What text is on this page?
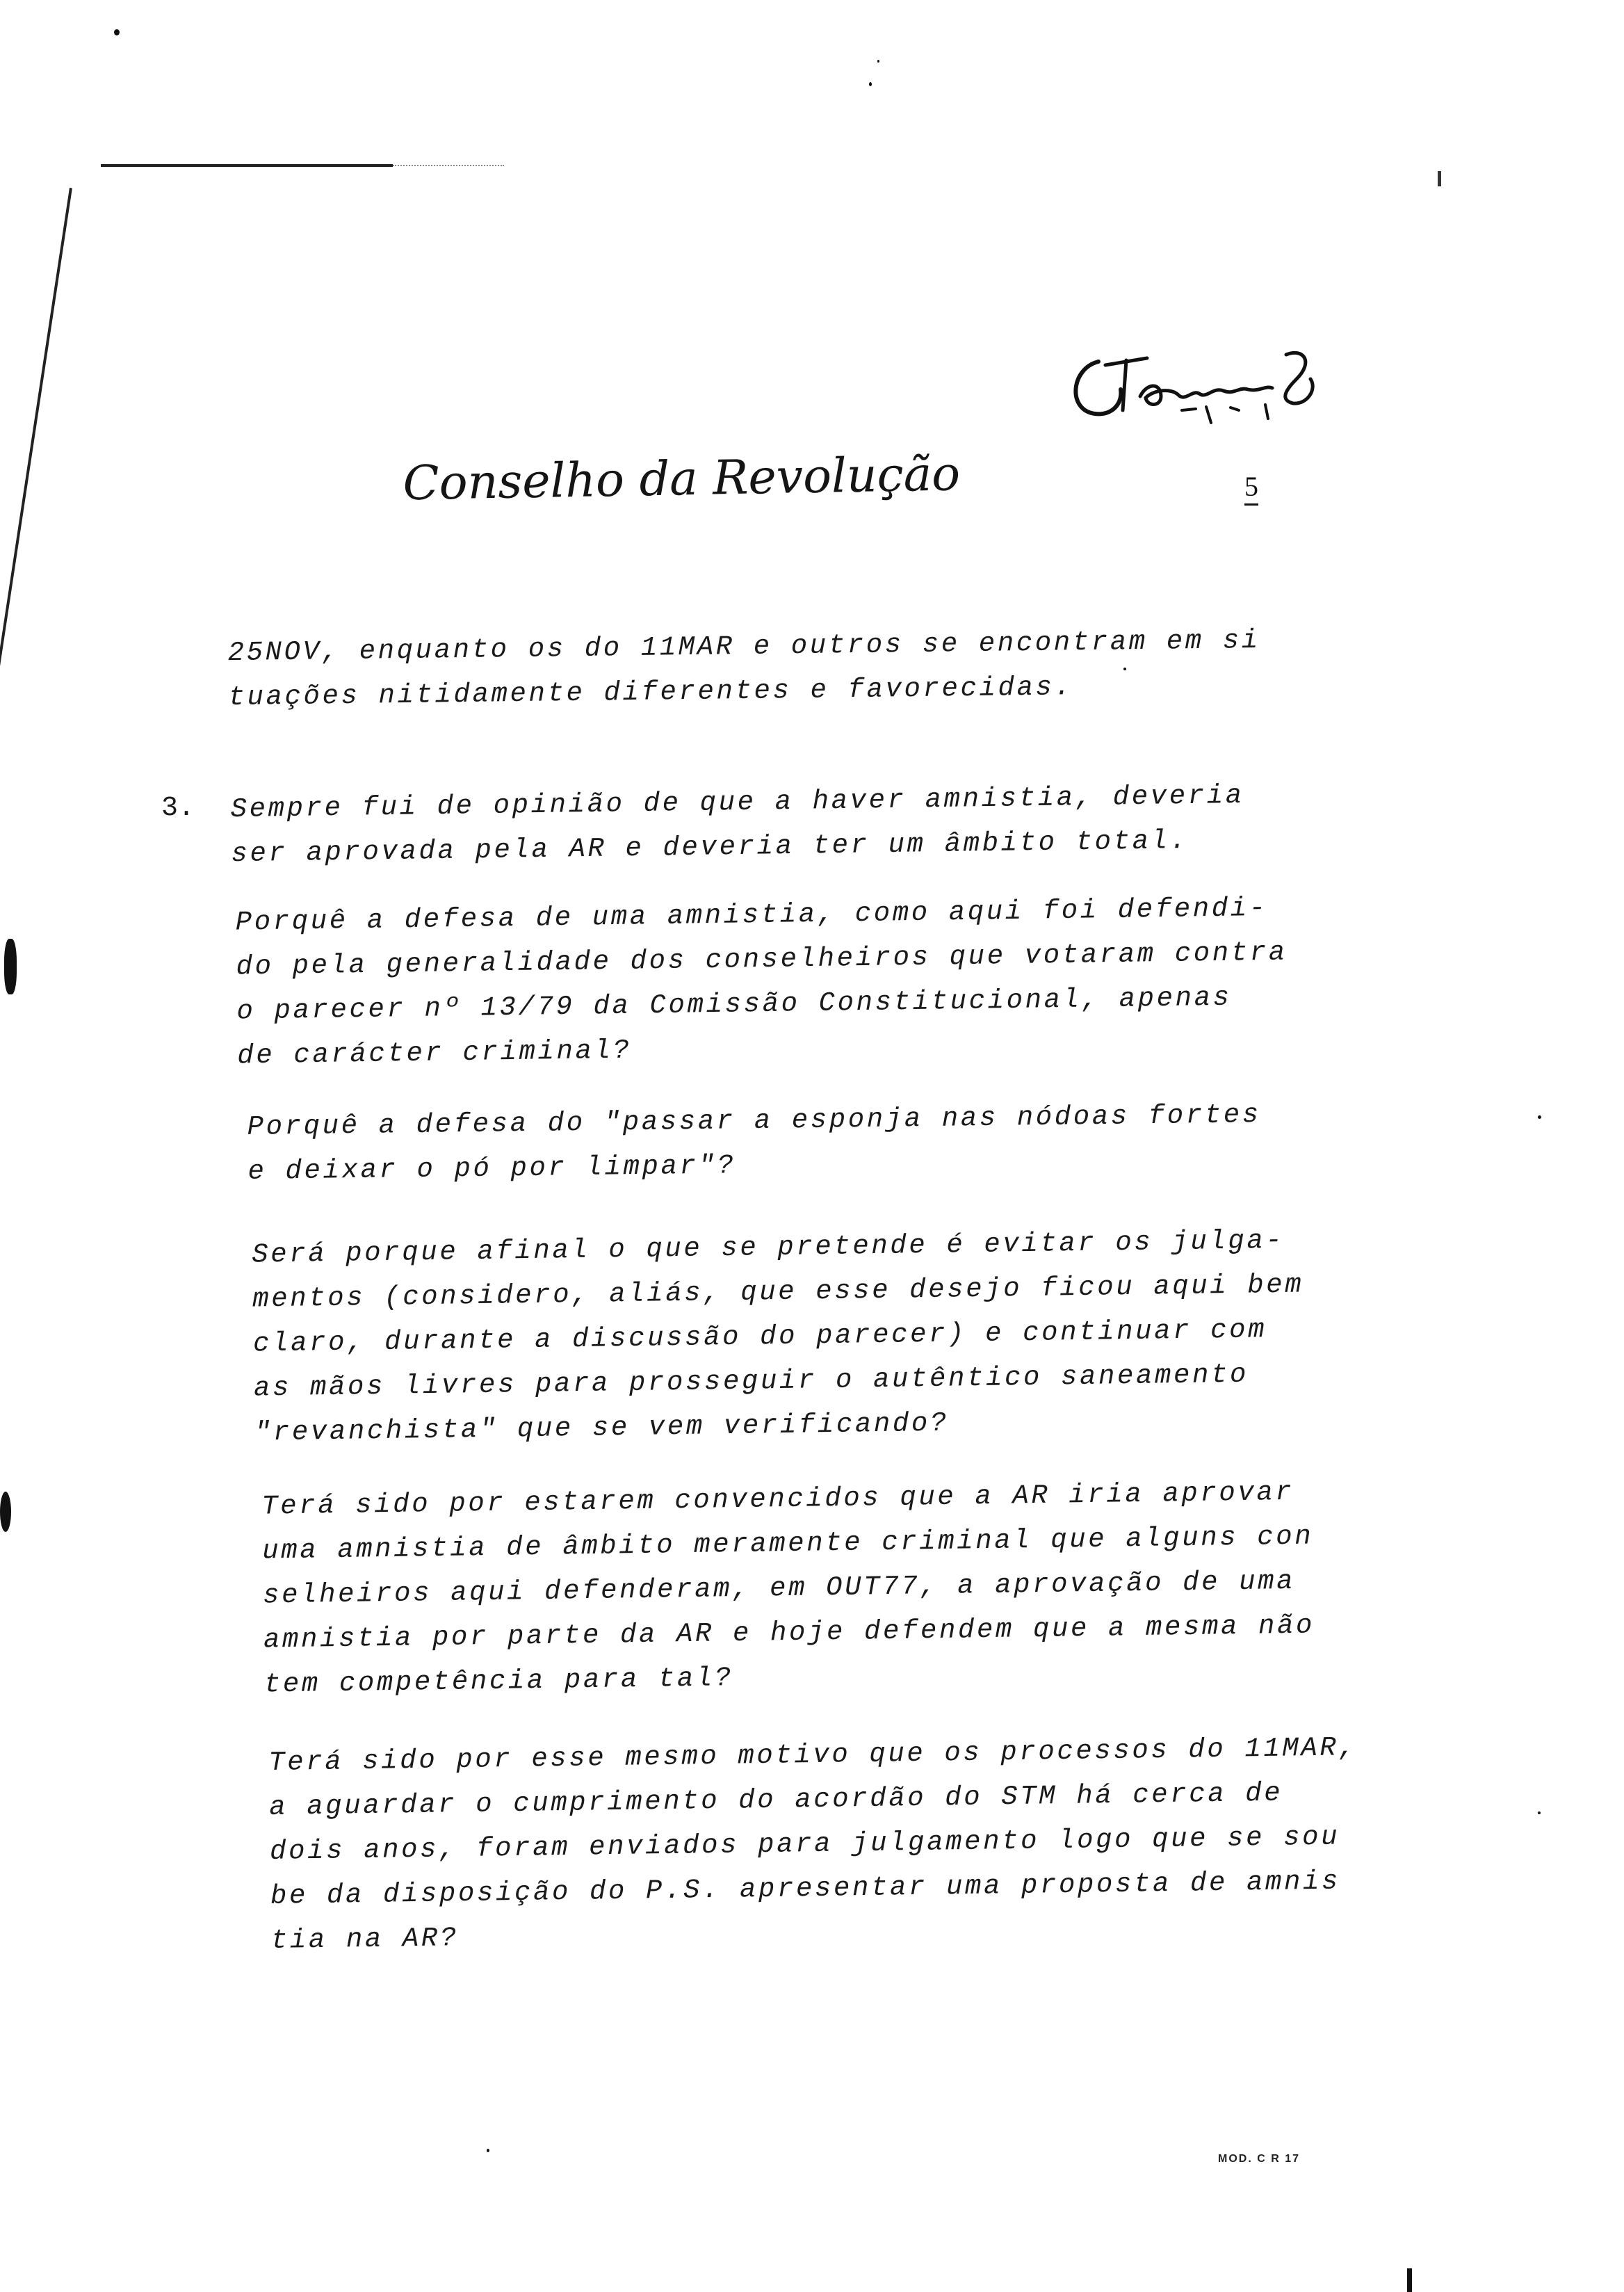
Conselho da Revolução	5
25NOV, enquanto os do 11MAR e outros se encontram em si
tuações nitidamente diferentes e favorecidas.
3. Sempre fui de opinião de que a haver amnistia, deveria
ser aprovada pela AR e deveria ter um âmbito total.
Porquê a defesa de uma amnistia, como aqui foi defendi-
do pela generalidade dos conselheiros que votaram contra
o parecer nº 13/79 da Comissão Constitucional, apenas
de carácter criminal?
Porquê a defesa do "passar a esponja nas nódoas fortes
e deixar o pó por limpar"?
Será porque afinal o que se pretende é evitar os julga-
mentos (considero, aliás, que esse desejo ficou aqui bem
claro, durante a discussão do parecer) e continuar com
as mãos livres para prosseguir o autêntico saneamento
"revanchista" que se vem verificando?
Terá sido por estarem convencidos que a AR iria aprovar
uma amnistia de âmbito meramente criminal que alguns con
selheiros aqui defenderam, em OUT77, a aprovação de uma
amnistia por parte da AR e hoje defendem que a mesma não
tem competência para tal?
Terá sido por esse mesmo motivo que os processos do 11MAR,
a aguardar o cumprimento do acordão do STM há cerca de
dois anos, foram enviados para julgamento logo que se sou
be da disposição do P.S. apresentar uma proposta de amnis
tia na AR?
MOD. C R 17
